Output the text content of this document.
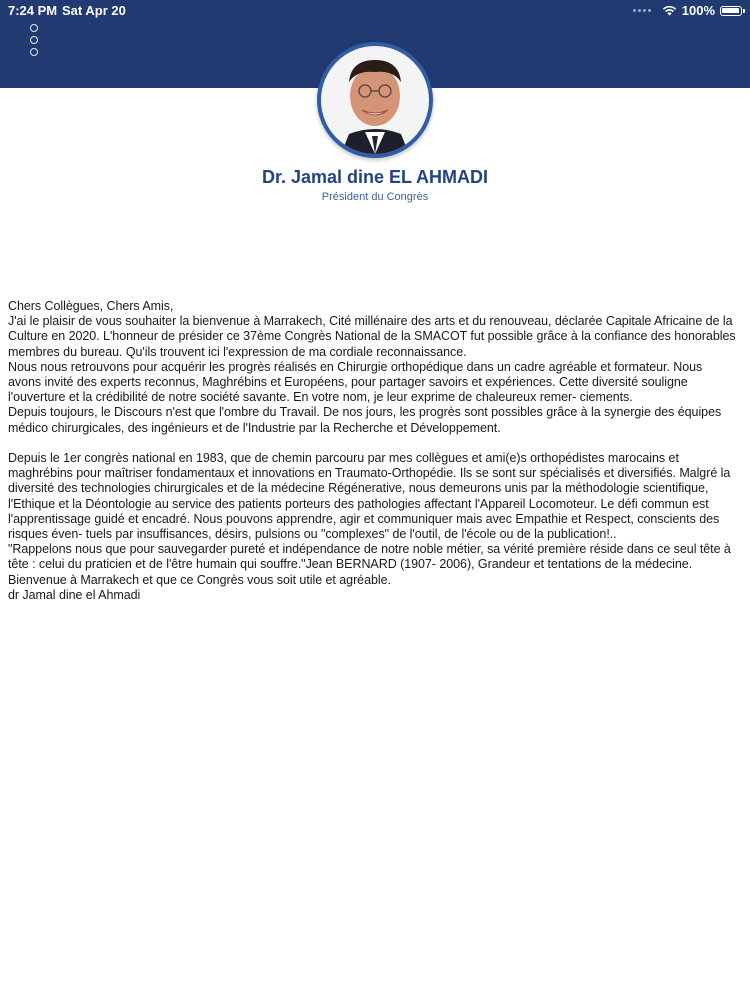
7:24 PM Sat Apr 20	100%
Dr. Jamal dine EL AHMADI
Président du Congrès

Chers Collègues, Chers Amis,

J'ai le plaisir de vous souhaiter la bienvenue à Marrakech, Cité millénaire des arts et du renouveau, déclarée Capitale Africaine de la Culture en 2020. L'honneur de présider ce 37ème Congrès National de la SMACOT fut possible grâce à la confiance des honorables membres du bureau. Qu'ils trouvent ici l'expression de ma cordiale reconnaissance.

Nous nous retrouvons pour acquérir les progrès réalisés en Chirurgie orthopédique dans un cadre agréable et formateur. Nous avons invité des experts reconnus, Maghrébins et Européens, pour partager savoirs et expériences. Cette diversité souligne l'ouverture et la crédibilité de notre société savante. En votre nom, je leur exprime de chaleureux remer- ciements.

Depuis toujours, le Discours n'est que l'ombre du Travail. De nos jours, les progrès sont possibles grâce à la synergie des équipes médico chirurgicales, des ingénieurs et de l'Industrie par la Recherche et Développement.

Depuis le 1er congrès national en 1983, que de chemin parcouru par mes collègues et ami(e)s orthopédistes marocains et maghrébins pour maîtriser fondamentaux et innovations en Traumato-Orthopédie. Ils se sont sur spécialisés et diversifiés. Malgré la diversité des technologies chirurgicales et de la médecine Régénerative, nous demeurons unis par la méthodologie scientifique, l'Ethique et la Déontologie au service des patients porteurs des pathologies affectant l'Appareil Locomoteur. Le défi commun est l'apprentissage guidé et encadré. Nous pouvons apprendre, agir et communiquer mais avec Empathie et Respect, conscients des risques éven- tuels par insuffisances, désirs, pulsions ou "complexes" de l'outil, de l'école ou de la publication!..

"Rappelons nous que pour sauvegarder pureté et indépendance de notre noble métier, sa vérité première réside dans ce seul tête à tête : celui du praticien et de l'être humain qui souffre."Jean BERNARD (1907- 2006), Grandeur et tentations de la médecine.

Bienvenue à Marrakech et que ce Congrès vous soit utile et agréable.

dr Jamal dine el Ahmadi
